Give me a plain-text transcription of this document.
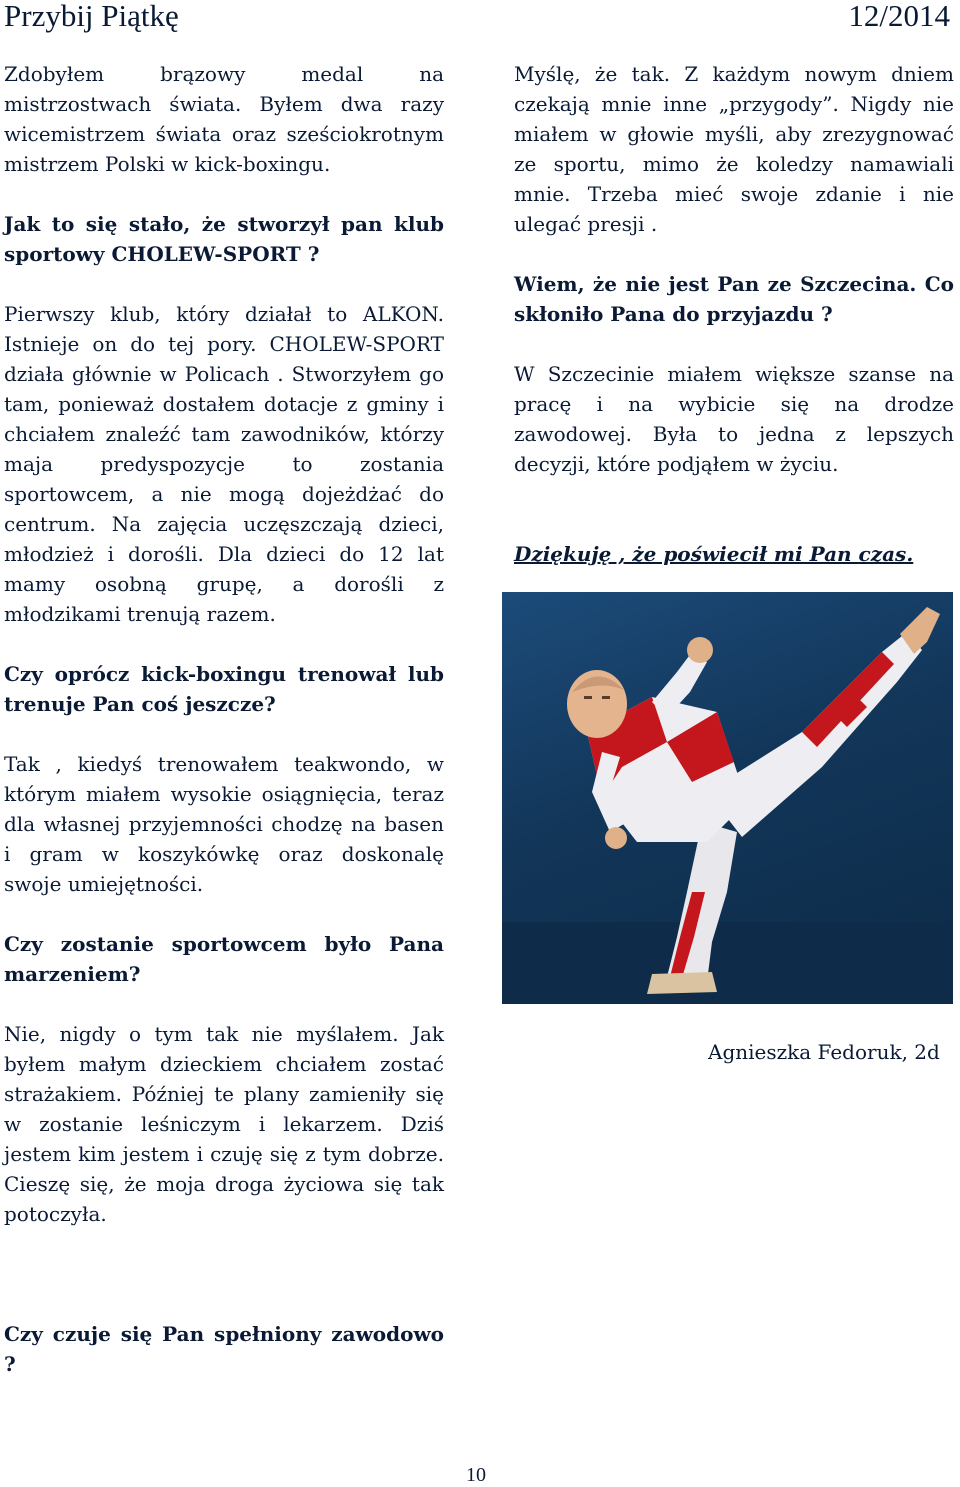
Przybij Piątkę	12/2014

Zdobyłem brązowy medal na mistrzostwach świata. Byłem dwa razy wicemistrzem świata oraz sześciokrotnym mistrzem Polski w kick-boxingu.

Jak to się stało, że stworzył pan klub sportowy CHOLEW-SPORT ?

Pierwszy klub, który działał to ALKON. Istnieje on do tej pory. CHOLEW-SPORT działa głównie w Policach . Stworzyłem go tam, ponieważ dostałem dotacje z gminy i chciałem znaleźć tam zawodników, którzy maja predyspozycje to zostania sportowcem, a nie mogą dojeżdżać do centrum. Na zajęcia uczęszczają dzieci, młodzież i dorośli. Dla dzieci do 12 lat mamy osobną grupę, a dorośli z młodzikami trenują razem.

Czy oprócz kick-boxingu trenował lub trenuje Pan coś jeszcze?

Tak , kiedyś trenowałem teakwondo, w którym miałem wysokie osiągnięcia, teraz dla własnej przyjemności chodzę na basen i gram w koszykówkę oraz doskonalę swoje umiejętności.

Czy zostanie sportowcem było Pana marzeniem?

Nie, nigdy o tym tak nie myślałem. Jak byłem małym dzieckiem chciałem zostać strażakiem. Później te plany zamieniły się w zostanie leśniczym i lekarzem. Dziś jestem kim jestem i czuję się z tym dobrze. Cieszę się, że moja droga życiowa się tak potoczyła.

Czy czuje się Pan spełniony zawodowo ?

Myślę, że tak. Z każdym nowym dniem czekają mnie inne „przygody”. Nigdy nie miałem w głowie myśli, aby zrezygnować ze sportu, mimo że koledzy namawiali mnie. Trzeba mieć swoje zdanie i nie ulegać presji .

Wiem, że nie jest Pan ze Szczecina. Co skłoniło Pana do przyjazdu ?

W Szczecinie miałem większe szanse na pracę i na wybicie się na drodze zawodowej. Była to jedna z lepszych decyzji, które podjąłem w życiu.

Dziękuję , że poświecił mi Pan czas.

Agnieszka Fedoruk, 2d
10
